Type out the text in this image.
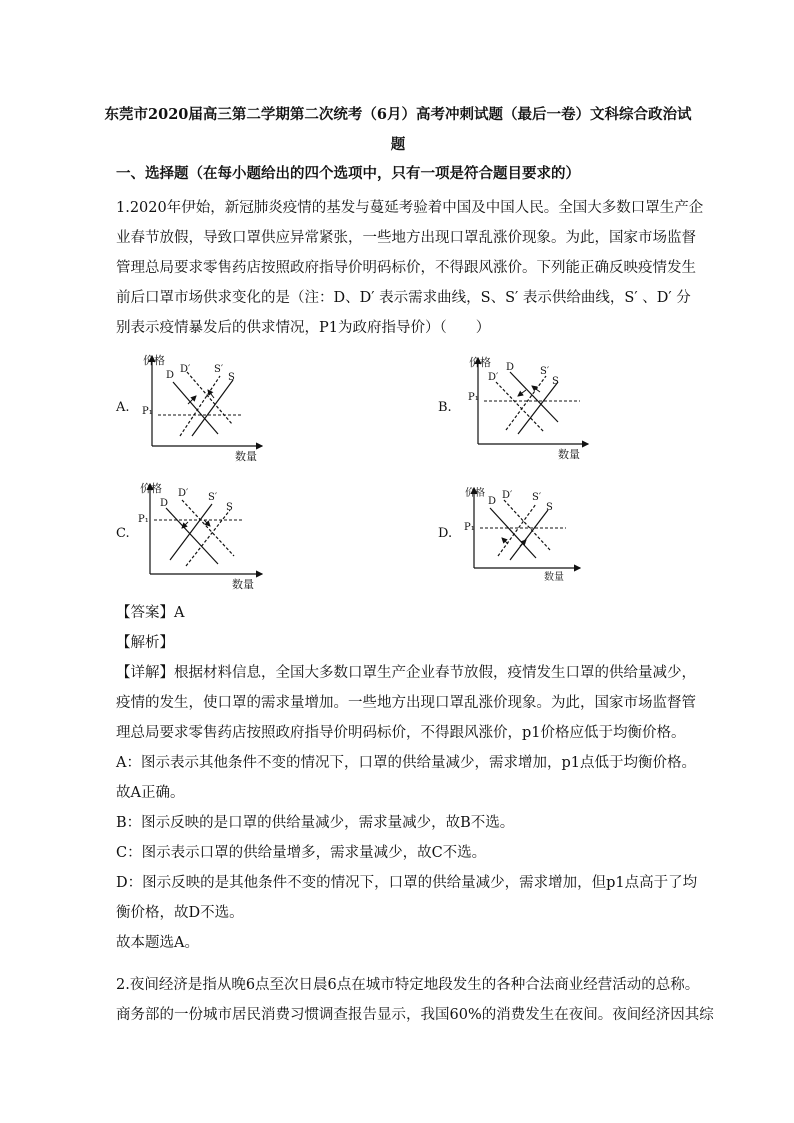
东莞市2020届高三第二学期第二次统考（6月）高考冲刺试题（最后一卷）文科综合政治试
题
一、选择题（在每小题给出的四个选项中，只有一项是符合题目要求的）
1.2020年伊始，新冠肺炎疫情的基发与蔓延考验着中国及中国人民。全国大多数口罩生产企
业春节放假，导致口罩供应异常紧张，一些地方出现口罩乱涨价现象。为此，国家市场监督
管理总局要求零售药店按照政府指导价明码标价，不得跟风涨价。下列能正确反映疫情发生
前后口罩市场供求变化的是（注：D、D′ 表示需求曲线，S、S′ 表示供给曲线，S′ 、D′ 分
别表示疫情暴发后的供求情况，P1为政府指导价）（　　）
A.
价格
数量
D
D′ S′
S
P₁	B.
价格
数量
D′
D	S′
S
P₁
C.
价格
数量
D
D′ S′
S
P₁
D.
价格
数量
D
D′ S′
S
P₁
【答案】A
【解析】
【详解】根据材料信息，全国大多数口罩生产企业春节放假，疫情发生口罩的供给量减少，
疫情的发生，使口罩的需求量增加。一些地方出现口罩乱涨价现象。为此，国家市场监督管
理总局要求零售药店按照政府指导价明码标价，不得跟风涨价，p1价格应低于均衡价格。
A：图示表示其他条件不变的情况下，口罩的供给量减少，需求增加，p1点低于均衡价格。
故A正确。
B：图示反映的是口罩的供给量减少，需求量减少，故B不选。
C：图示表示口罩的供给量增多，需求量减少，故C不选。
D：图示反映的是其他条件不变的情况下，口罩的供给量减少，需求增加，但p1点高于了均
衡价格，故D不选。
故本题选A。
2.夜间经济是指从晚6点至次日晨6点在城市特定地段发生的各种合法商业经营活动的总称。
商务部的一份城市居民消费习惯调查报告显示，我国60%的消费发生在夜间。夜间经济因其综
